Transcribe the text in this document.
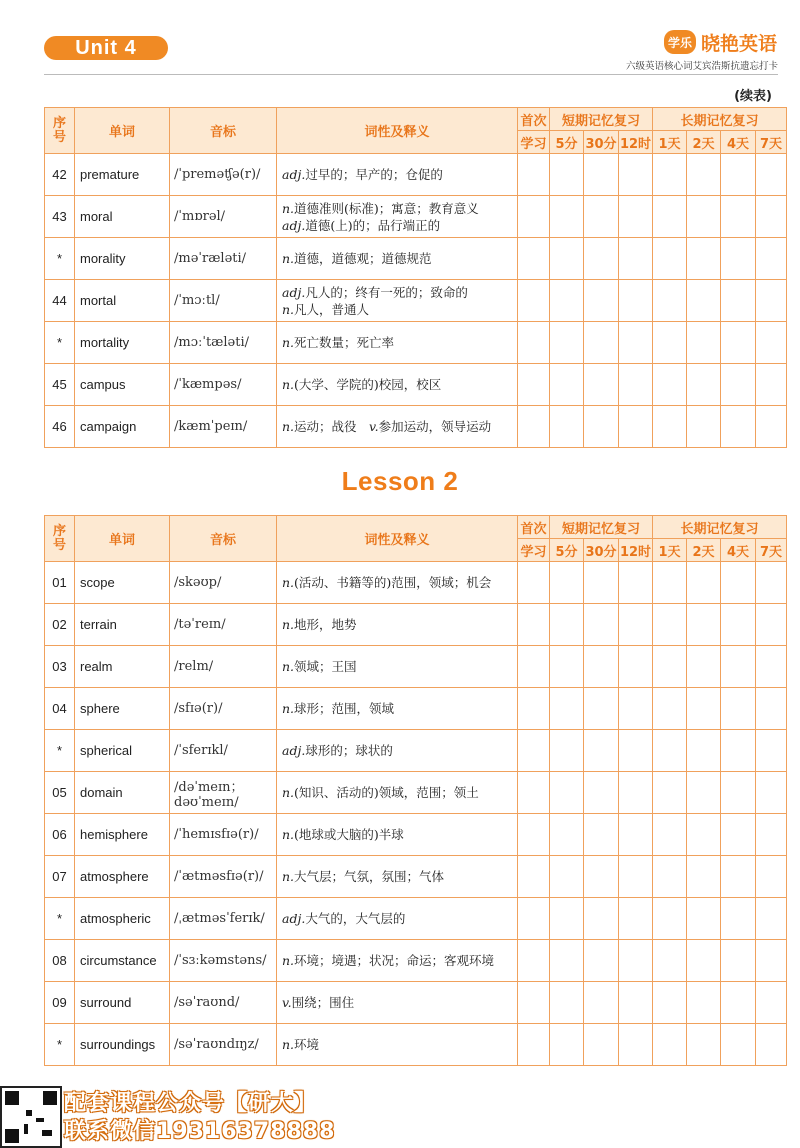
Unit 4	学乐 晓艳英语
六级英语核心词艾宾浩斯抗遗忘打卡
(续表)
序
号	单词	音标	词性及释义	首次	短期记忆复习			长期记忆复习			
				学习	5分	30分	12时	1天	2天	4天	7天
42	premature	/ˈpreməʧə(r)/	adj.过早的；早产的；仓促的								
43	moral	/ˈmɒrəl/	n.道德准则(标准)；寓意；教育意义
adj.道德(上)的；品行端正的								
*	morality	/məˈræləti/	n.道德，道德观；道德规范								
44	mortal	/ˈmɔːtl/	adj.凡人的；终有一死的；致命的
n.凡人，普通人								
*	mortality	/mɔːˈtæləti/	n.死亡数量；死亡率								
45	campus	/ˈkæmpəs/	n.(大学、学院的)校园，校区								
46	campaign	/kæmˈpeɪn/	n.运动；战役　v.参加运动，领导运动								
Lesson 2
序
号	单词	音标	词性及释义	首次	短期记忆复习			长期记忆复习			
				学习	5分	30分	12时	1天	2天	4天	7天
01	scope	/skəʊp/	n.(活动、书籍等的)范围，领域；机会								
02	terrain	/təˈreɪn/	n.地形，地势								
03	realm	/relm/	n.领域；王国								
04	sphere	/sfɪə(r)/	n.球形；范围，领域								
*	spherical	/ˈsferɪkl/	adj.球形的；球状的								
05	domain	/dəˈmeɪn；
dəʊˈmeɪn/	n.(知识、活动的)领域，范围；领土								
06	hemisphere	/ˈhemɪsfɪə(r)/	n.(地球或大脑的)半球								
07	atmosphere	/ˈætməsfɪə(r)/	n.大气层；气氛，氛围；气体								
*	atmospheric	/ˌætməsˈferɪk/	adj.大气的，大气层的								
08	circumstance	/ˈsɜːkəmstəns/	n.环境；境遇；状况；命运；客观环境								
09	surround	/səˈraʊnd/	v.围绕；围住								
*	surroundings	/səˈraʊndɪŋz/	n.环境								
配套课程公众号【研大】
联系微信19316378888
